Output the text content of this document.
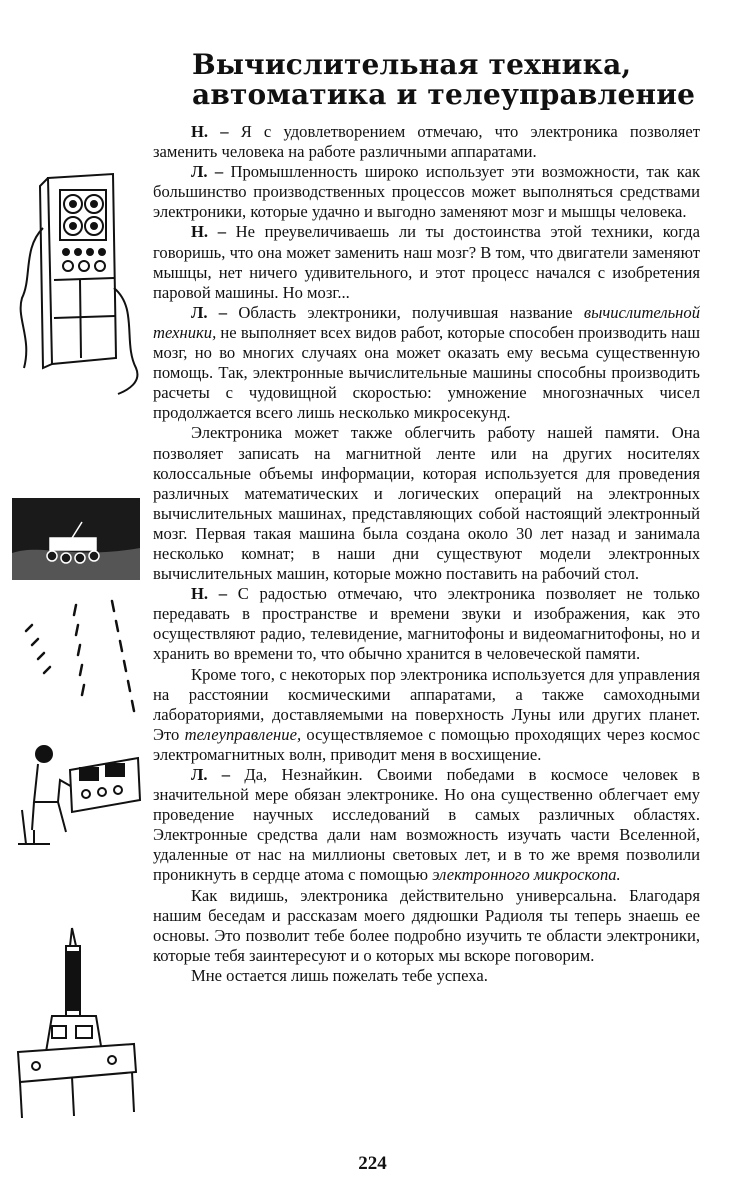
Вычислительная техника,
автоматика и телеуправление

Н. – Я с удовлетворением отмечаю, что электроника позволяет заменить человека на работе различными аппаратами.

Л. – Промышленность широко использует эти возможности, так как большинство производственных процессов может выполняться средствами электроники, которые удачно и выгодно заменяют мозг и мышцы человека.

Н. – Не преувеличиваешь ли ты достоинства этой техники, когда говоришь, что она может заменить наш мозг? В том, что двигатели заменяют мышцы, нет ничего удивительного, и этот процесс начался с изобретения паровой машины. Но мозг...

Л. – Область электроники, получившая название вычислительной техники, не выполняет всех видов работ, которые способен производить наш мозг, но во многих случаях она может оказать ему весьма существенную помощь. Так, электронные вычислительные машины способны производить расчеты с чудовищной скоростью: умножение многозначных чисел продолжается всего лишь несколько микросекунд.

Электроника может также облегчить работу нашей памяти. Она позволяет записать на магнитной ленте или на других носителях колоссальные объемы информации, которая используется для проведения различных математических и логических операций на электронных вычислительных машинах, представляющих собой настоящий электронный мозг. Первая такая машина была создана около 30 лет назад и занимала несколько комнат; в наши дни существуют модели электронных вычислительных машин, которые можно поставить на рабочий стол.

Н. – С радостью отмечаю, что электроника позволяет не только передавать в пространстве и времени звуки и изображения, как это осуществляют радио, телевидение, магнитофоны и видеомагнитофоны, но и хранить во времени то, что обычно хранится в человеческой памяти.

Кроме того, с некоторых пор электроника используется для управления на расстоянии космическими аппаратами, а также самоходными лабораториями, доставляемыми на поверхность Луны или других планет. Это телеуправление, осуществляемое с помощью проходящих через космос электромагнитных волн, приводит меня в восхищение.

Л. – Да, Незнайкин. Своими победами в космосе человек в значительной мере обязан электронике. Но она существенно облегчает ему проведение научных исследований в самых различных областях. Электронные средства дали нам возможность изучать части Вселенной, удаленные от нас на миллионы световых лет, и в то же время позволили проникнуть в сердце атома с помощью электронного микроскопа.

Как видишь, электроника действительно универсальна. Благодаря нашим беседам и рассказам моего дядюшки Радиоля ты теперь знаешь ее основы. Это позволит тебе более подробно изучить те области электроники, которые тебя заинтересуют и о которых мы вскоре поговорим.

Мне остается лишь пожелать тебе успеха.

224
